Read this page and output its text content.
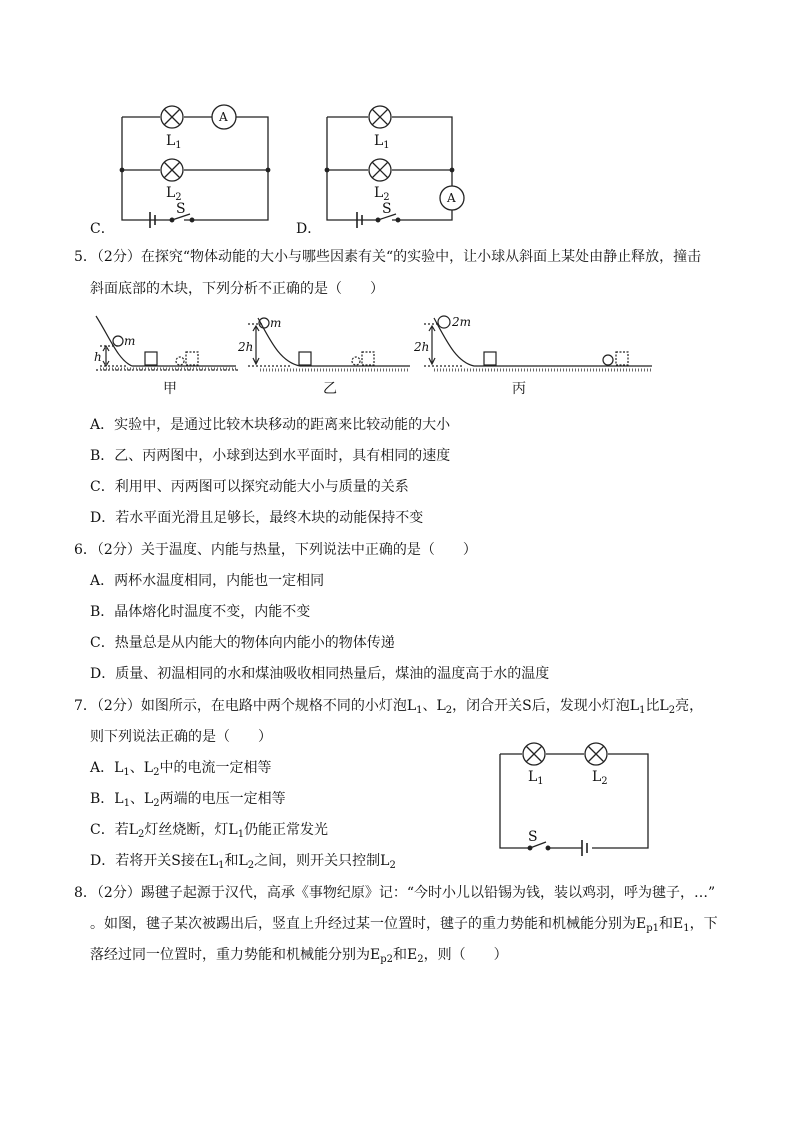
$L_1$
$L_2$
A
S
C．
$L_1$
$L_2$	A
S
D．
5．（2分）在探究“物体动能的大小与哪些因素有关“的实验中，让小球从斜面上某处由静止释放，撞击
斜面底部的木块，下列分析不正确的是（　　）
m
h
甲
m
2h
乙
2m
2h
丙
A．实验中，是通过比较木块移动的距离来比较动能的大小
B．乙、丙两图中，小球到达到水平面时，具有相同的速度
C．利用甲、丙两图可以探究动能大小与质量的关系
D．若水平面光滑且足够长，最终木块的动能保持不变
6．（2分）关于温度、内能与热量，下列说法中正确的是（　　）
A．两杯水温度相同，内能也一定相同
B．晶体熔化时温度不变，内能不变
C．热量总是从内能大的物体向内能小的物体传递
D．质量、初温相同的水和煤油吸收相同热量后，煤油的温度高于水的温度
7．（2分）如图所示，在电路中两个规格不同的小灯泡$L_1$、$L_2$，闭合开关S后，发现小灯泡$L_1$比$L_2$亮，
则下列说法正确的是（　　）
A．$L_1$、$L_2$中的电流一定相等
B．$L_1$、$L_2$两端的电压一定相等
C．若$L_2$灯丝烧断，灯$L_1$仍能正常发光
D．若将开关S接在$L_1$和$L_2$之间，则开关只控制$L_2$
$L_1$	$L_2$
S
8．（2分）踢毽子起源于汉代，高承《事物纪原》记：“今时小儿以铅锡为钱，装以鸡羽，呼为毽子，…”
。如图，毽子某次被踢出后，竖直上升经过某一位置时，毽子的重力势能和机械能分别为$E_{p1}$和$E_1$，下
落经过同一位置时，重力势能和机械能分别为$E_{p2}$和$E_2$，则（　　）
